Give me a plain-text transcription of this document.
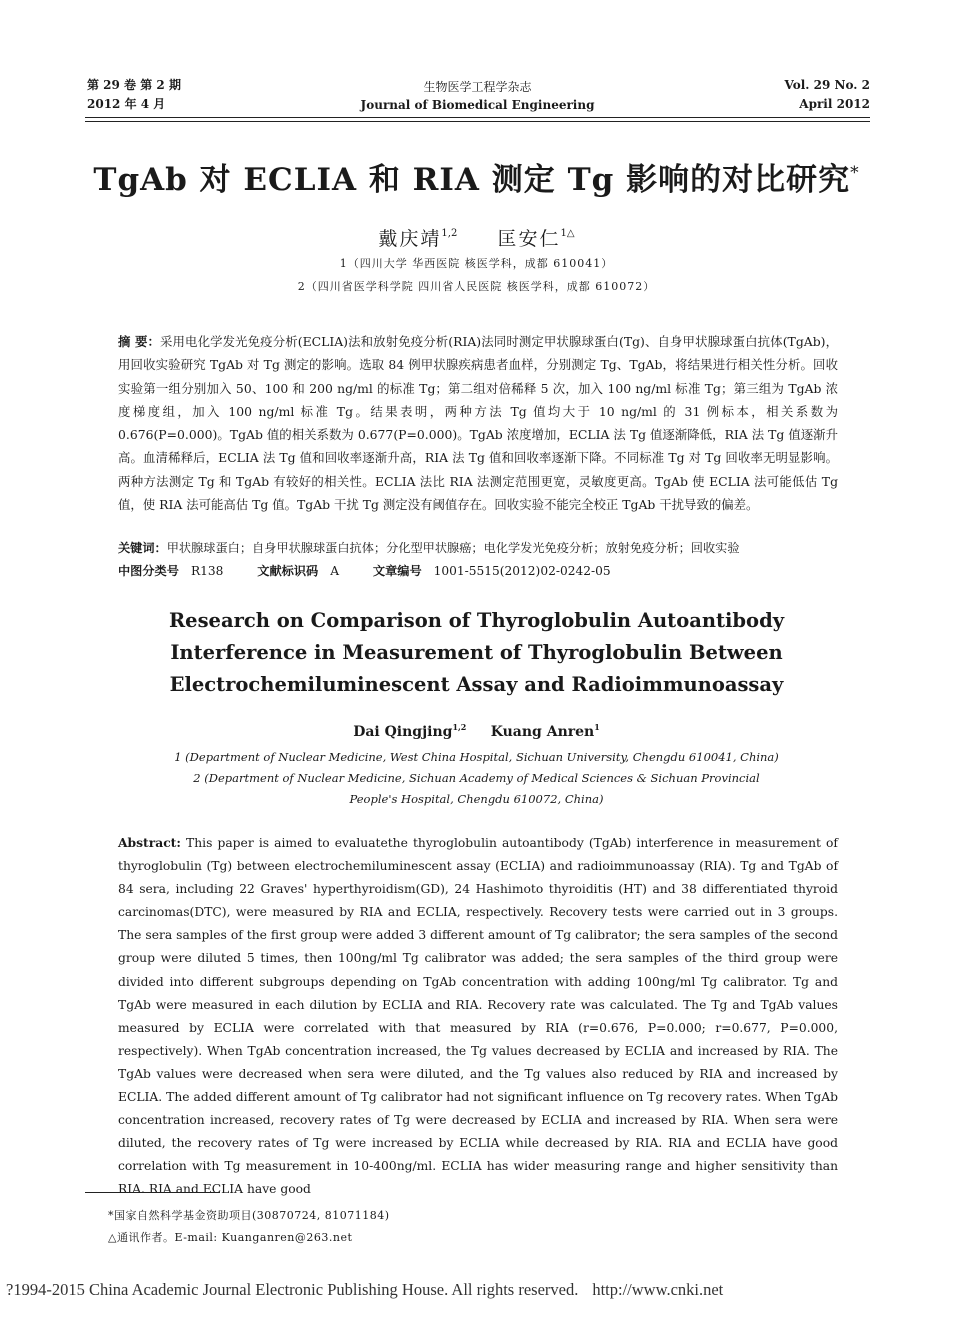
第 29 卷 第 2 期
2012 年 4 月
生物医学工程学杂志
Journal of Biomedical Engineering
Vol. 29 No. 2
April 2012
TgAb 对 ECLIA 和 RIA 测定 Tg 影响的对比研究*
戴庆靖$^{1,2}$ 匡安仁$^{1\triangle}$
1（四川大学 华西医院 核医学科，成都 610041）
2（四川省医学科学院 四川省人民医院 核医学科，成都 610072）
摘 要：采用电化学发光免疫分析(ECLIA)法和放射免疫分析(RIA)法同时测定甲状腺球蛋白(Tg)、自身甲状腺球蛋白抗体(TgAb)，用回收实验研究 TgAb 对 Tg 测定的影响。选取 84 例甲状腺疾病患者血样，分别测定 Tg、TgAb，将结果进行相关性分析。回收实验第一组分别加入 50、100 和 200 ng/ml 的标准 Tg；第二组对倍稀释 5 次，加入 100 ng/ml 标准 Tg；第三组为 TgAb 浓度梯度组，加入 100 ng/ml 标准 Tg。结果表明，两种方法 Tg 值均大于 10 ng/ml 的 31 例标本，相关系数为 0.676(P=0.000)。TgAb 值的相关系数为 0.677(P=0.000)。TgAb 浓度增加，ECLIA 法 Tg 值逐渐降低，RIA 法 Tg 值逐渐升高。血清稀释后，ECLIA 法 Tg 值和回收率逐渐升高，RIA 法 Tg 值和回收率逐渐下降。不同标准 Tg 对 Tg 回收率无明显影响。两种方法测定 Tg 和 TgAb 有较好的相关性。ECLIA 法比 RIA 法测定范围更宽，灵敏度更高。TgAb 使 ECLIA 法可能低估 Tg 值，使 RIA 法可能高估 Tg 值。TgAb 干扰 Tg 测定没有阈值存在。回收实验不能完全校正 TgAb 干扰导致的偏差。
关键词：甲状腺球蛋白；自身甲状腺球蛋白抗体；分化型甲状腺癌；电化学发光免疫分析；放射免疫分析；回收实验
中图分类号 R138	文献标识码 A	文章编号 1001-5515(2012)02-0242-05
Research on Comparison of Thyroglobulin Autoantibody Interference in Measurement of Thyroglobulin Between Electrochemiluminescent Assay and Radioimmunoassay
Dai Qingjing$^{1,2}$ Kuang Anren$^1$
1 (Department of Nuclear Medicine, West China Hospital, Sichuan University, Chengdu 610041, China)
2 (Department of Nuclear Medicine, Sichuan Academy of Medical Sciences & Sichuan Provincial
People's Hospital, Chengdu 610072, China)
Abstract: This paper is aimed to evaluatethe thyroglobulin autoantibody (TgAb) interference in measurement of thyroglobulin (Tg) between electrochemiluminescent assay (ECLIA) and radioimmunoassay (RIA). Tg and TgAb of 84 sera, including 22 Graves' hyperthyroidism(GD), 24 Hashimoto thyroiditis (HT) and 38 differentiated thyroid carcinomas(DTC), were measured by RIA and ECLIA, respectively. Recovery tests were carried out in 3 groups. The sera samples of the first group were added 3 different amount of Tg calibrator; the sera samples of the second group were diluted 5 times, then 100ng/ml Tg calibrator was added; the sera samples of the third group were divided into different subgroups depending on TgAb concentration with adding 100ng/ml Tg calibrator. Tg and TgAb were measured in each dilution by ECLIA and RIA. Recovery rate was calculated. The Tg and TgAb values measured by ECLIA were correlated with that measured by RIA (r=0.676, P=0.000; r=0.677, P=0.000, respectively). When TgAb concentration increased, the Tg values decreased by ECLIA and increased by RIA. The TgAb values were decreased when sera were diluted, and the Tg values also reduced by RIA and increased by ECLIA. The added different amount of Tg calibrator had not significant influence on Tg recovery rates. When TgAb concentration increased, recovery rates of Tg were decreased by ECLIA and increased by RIA. When sera were diluted, the recovery rates of Tg were increased by ECLIA while decreased by RIA. RIA and ECLIA have good correlation with Tg measurement in 10-400ng/ml. ECLIA has wider measuring range and higher sensitivity than RIA. RIA and ECLIA have good
*国家自然科学基金资助项目(30870724, 81071184)
△通讯作者。E-mail: Kuanganren@263.net
?1994-2015 China Academic Journal Electronic Publishing House. All rights reserved. http://www.cnki.net
